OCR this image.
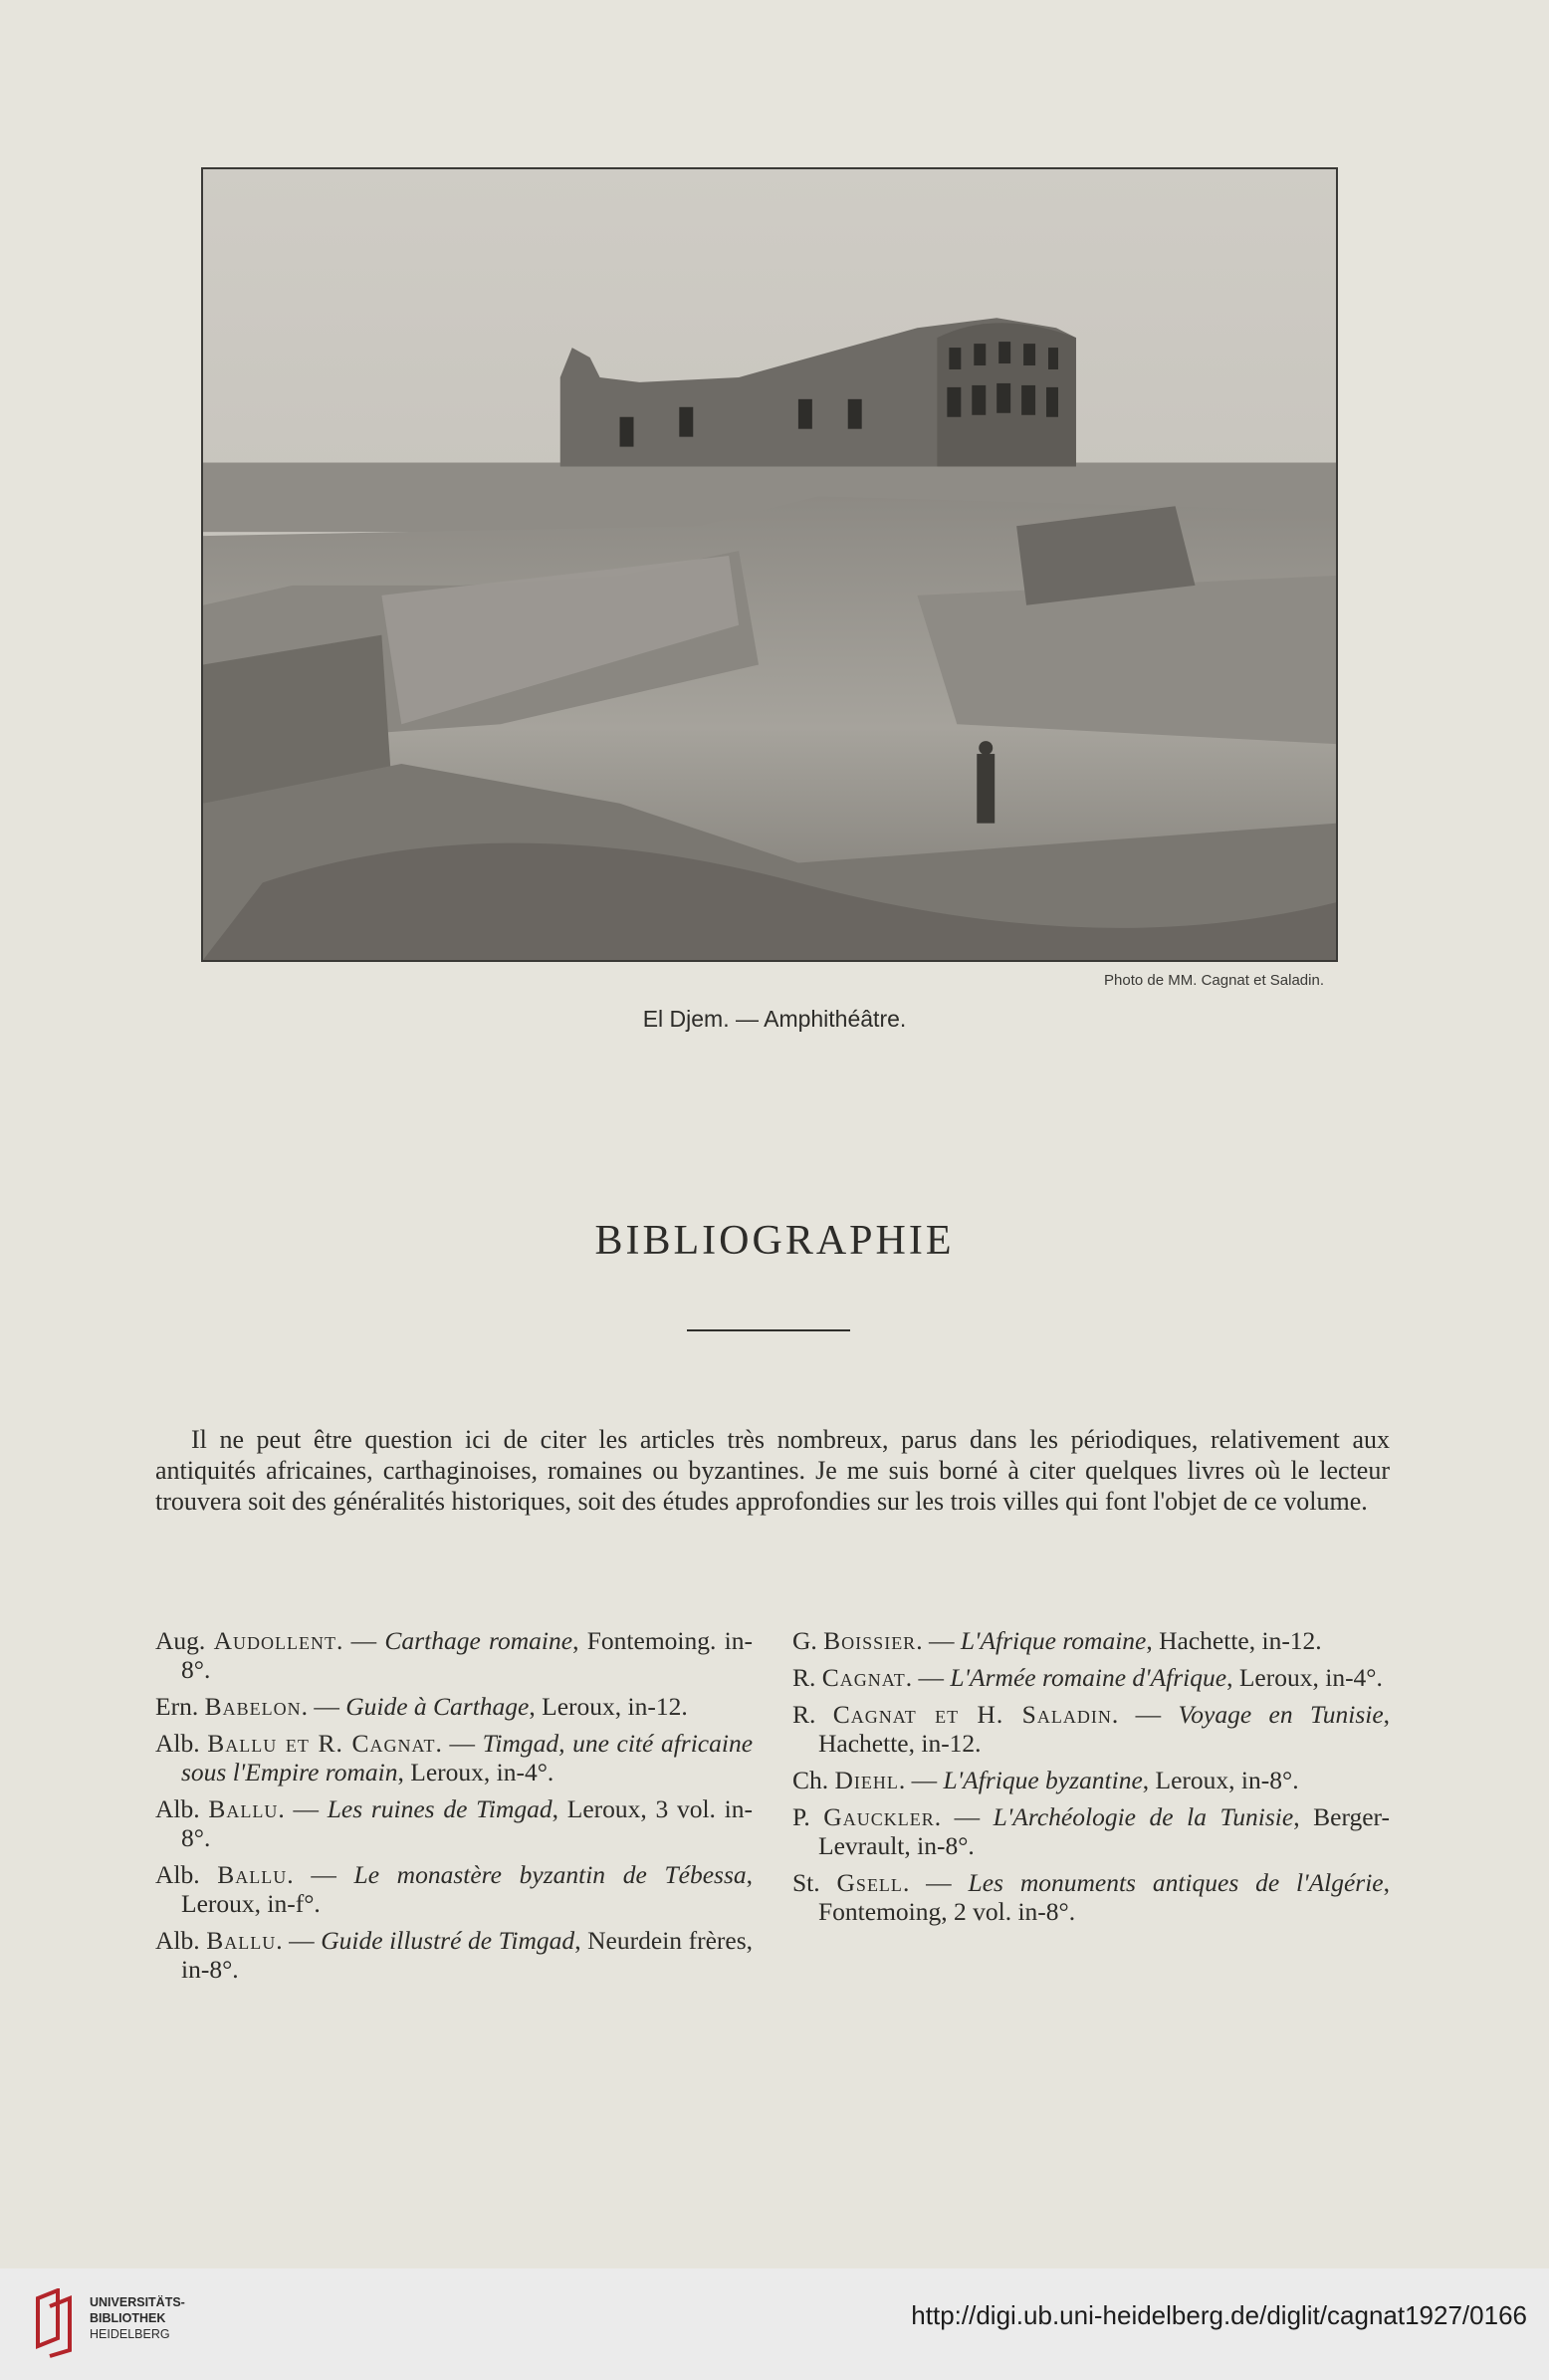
Photo de MM. Cagnat et Saladin.
El Djem. — Amphithéâtre.
BIBLIOGRAPHIE
Il ne peut être question ici de citer les articles très nombreux, parus dans les périodiques, relativement aux antiquités africaines, carthaginoises, romaines ou byzantines. Je me suis borné à citer quelques livres où le lecteur trouvera soit des généralités historiques, soit des études approfondies sur les trois villes qui font l'objet de ce volume.
Aug. Audollent. — Carthage romaine, Fontemoing. in-8°.
Ern. Babelon. — Guide à Carthage, Leroux, in-12.
Alb. Ballu et R. Cagnat. — Timgad, une cité africaine sous l'Empire romain, Leroux, in-4°.
Alb. Ballu. — Les ruines de Timgad, Leroux, 3 vol. in-8°.
Alb. Ballu. — Le monastère byzantin de Tébessa, Leroux, in-f°.
Alb. Ballu. — Guide illustré de Timgad, Neurdein frères, in-8°.
G. Boissier. — L'Afrique romaine, Hachette, in-12.
R. Cagnat. — L'Armée romaine d'Afrique, Leroux, in-4°.
R. Cagnat et H. Saladin. — Voyage en Tunisie, Hachette, in-12.
Ch. Diehl. — L'Afrique byzantine, Leroux, in-8°.
P. Gauckler. — L'Archéologie de la Tunisie, Berger-Levrault, in-8°.
St. Gsell. — Les monuments antiques de l'Algérie, Fontemoing, 2 vol. in-8°.
UNIVERSITÄTS-
BIBLIOTHEK
HEIDELBERG
http://digi.ub.uni-heidelberg.de/diglit/cagnat1927/0166
